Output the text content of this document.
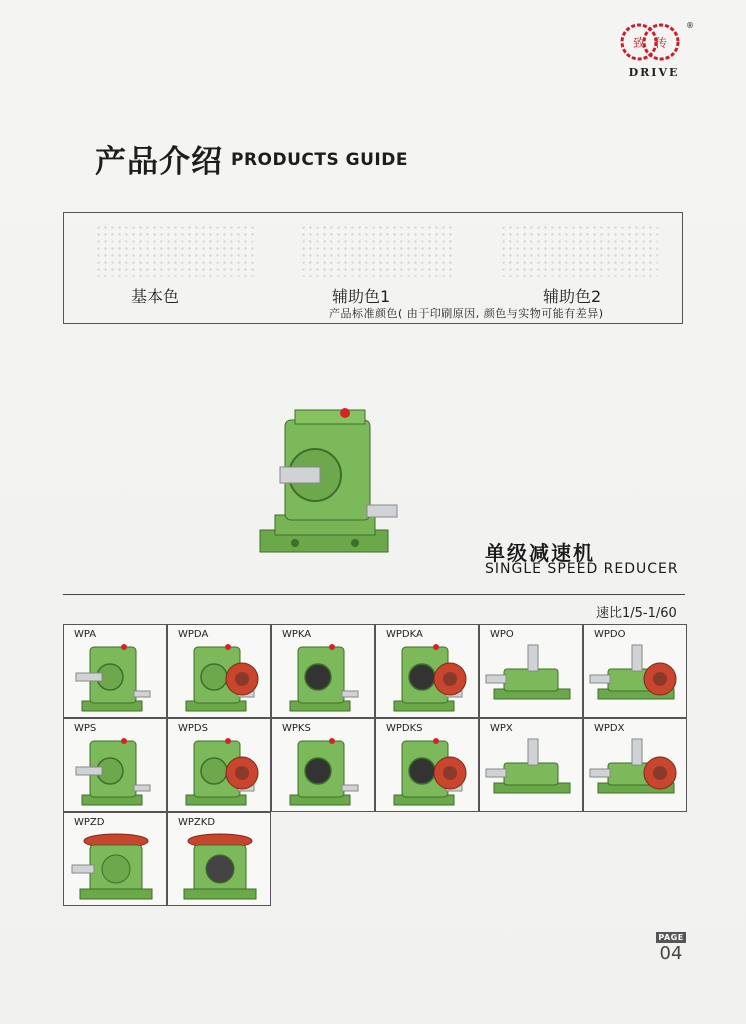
致 传
®
DRIVE
产品介绍 PRODUCTS GUIDE
基本色	辅助色1	辅助色2
产品标准颜色( 由于印刷原因, 颜色与实物可能有差异)
单级减速机
SINGLE SPEED REDUCER
速比1/5-1/60
WPA	WPDA	WPKA	WPDKA	WPO	WPDO
WPS	WPDS	WPKS	WPDKS	WPX	WPDX
WPZD	WPZKD
PAGE
04
